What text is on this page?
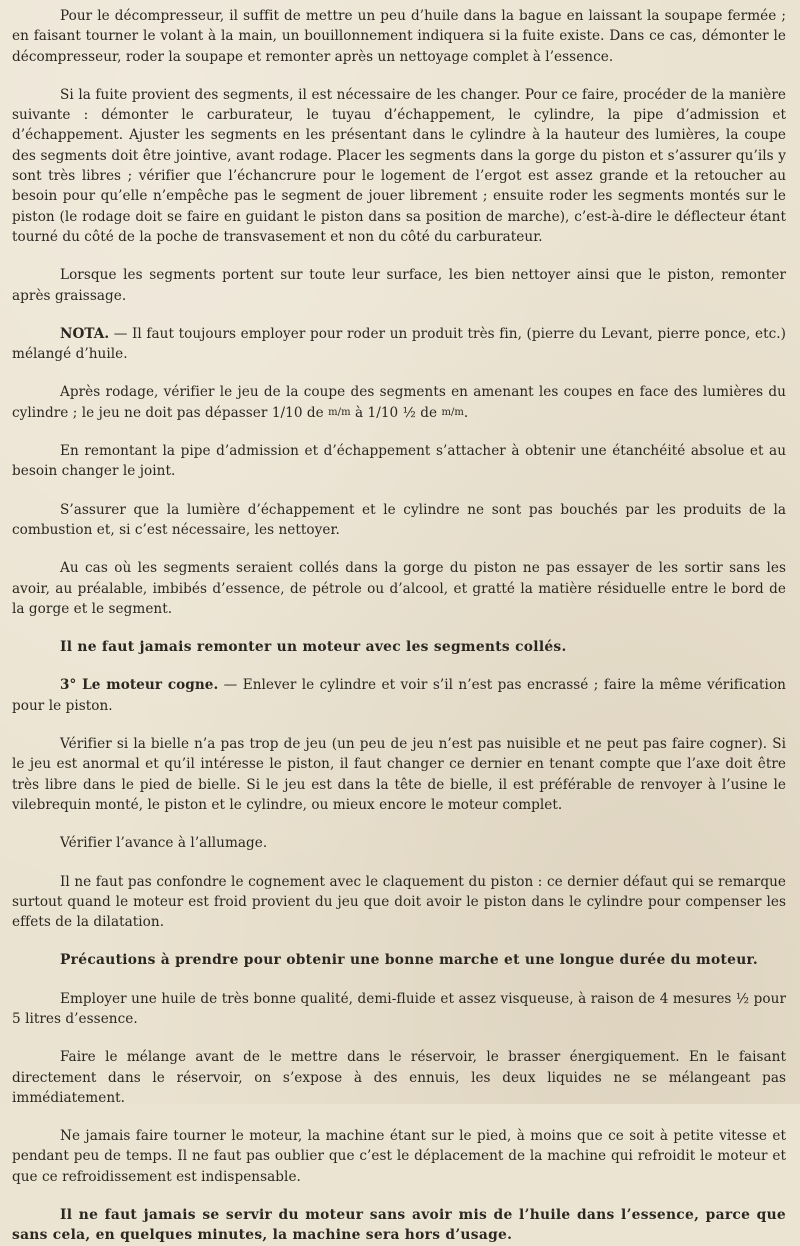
Pour le décompresseur, il suffit de mettre un peu d’huile dans la bague en laissant la soupape fermée ; en faisant tourner le volant à la main, un bouillonnement indiquera si la fuite existe. Dans ce cas, démonter le décompresseur, roder la soupape et remonter après un nettoyage complet à l’essence.

Si la fuite provient des segments, il est nécessaire de les changer. Pour ce faire, procéder de la manière suivante : démonter le carburateur, le tuyau d’échappement, le cylindre, la pipe d’admission et d’échappement. Ajuster les segments en les présentant dans le cylindre à la hauteur des lumières, la coupe des segments doit être jointive, avant rodage. Placer les segments dans la gorge du piston et s’assurer qu’ils y sont très libres ; vérifier que l’échancrure pour le logement de l’ergot est assez grande et la retoucher au besoin pour qu’elle n’empêche pas le segment de jouer librement ; ensuite roder les segments montés sur le piston (le rodage doit se faire en guidant le piston dans sa position de marche), c’est-à-dire le déflecteur étant tourné du côté de la poche de transvasement et non du côté du carburateur.

Lorsque les segments portent sur toute leur surface, les bien nettoyer ainsi que le piston, remonter après graissage.

NOTA. — Il faut toujours employer pour roder un produit très fin, (pierre du Levant, pierre ponce, etc.) mélangé d’huile.

Après rodage, vérifier le jeu de la coupe des segments en amenant les coupes en face des lumières du cylindre ; le jeu ne doit pas dépasser 1/10 de m/m à 1/10 ½ de m/m.

En remontant la pipe d’admission et d’échappement s’attacher à obtenir une étanchéité absolue et au besoin changer le joint.

S’assurer que la lumière d’échappement et le cylindre ne sont pas bouchés par les produits de la combustion et, si c’est nécessaire, les nettoyer.

Au cas où les segments seraient collés dans la gorge du piston ne pas essayer de les sortir sans les avoir, au préalable, imbibés d’essence, de pétrole ou d’alcool, et gratté la matière résiduelle entre le bord de la gorge et le segment.

Il ne faut jamais remonter un moteur avec les segments collés.

3° Le moteur cogne. — Enlever le cylindre et voir s’il n’est pas encrassé ; faire la même vérification pour le piston.

Vérifier si la bielle n’a pas trop de jeu (un peu de jeu n’est pas nuisible et ne peut pas faire cogner). Si le jeu est anormal et qu’il intéresse le piston, il faut changer ce dernier en tenant compte que l’axe doit être très libre dans le pied de bielle. Si le jeu est dans la tête de bielle, il est préférable de renvoyer à l’usine le vilebrequin monté, le piston et le cylindre, ou mieux encore le moteur complet.

Vérifier l’avance à l’allumage.

Il ne faut pas confondre le cognement avec le claquement du piston : ce dernier défaut qui se remarque surtout quand le moteur est froid provient du jeu que doit avoir le piston dans le cylindre pour compenser les effets de la dilatation.

Précautions à prendre pour obtenir une bonne marche et une longue durée du moteur.

Employer une huile de très bonne qualité, demi-fluide et assez visqueuse, à raison de 4 mesures ½ pour 5 litres d’essence.

Faire le mélange avant de le mettre dans le réservoir, le brasser énergiquement. En le faisant directement dans le réservoir, on s’expose à des ennuis, les deux liquides ne se mélangeant pas immédiatement.

Ne jamais faire tourner le moteur, la machine étant sur le pied, à moins que ce soit à petite vitesse et pendant peu de temps. Il ne faut pas oublier que c’est le déplacement de la machine qui refroidit le moteur et que ce refroidissement est indispensable.

Il ne faut jamais se servir du moteur sans avoir mis de l’huile dans l’essence, parce que sans cela, en quelques minutes, la machine sera hors d’usage.
